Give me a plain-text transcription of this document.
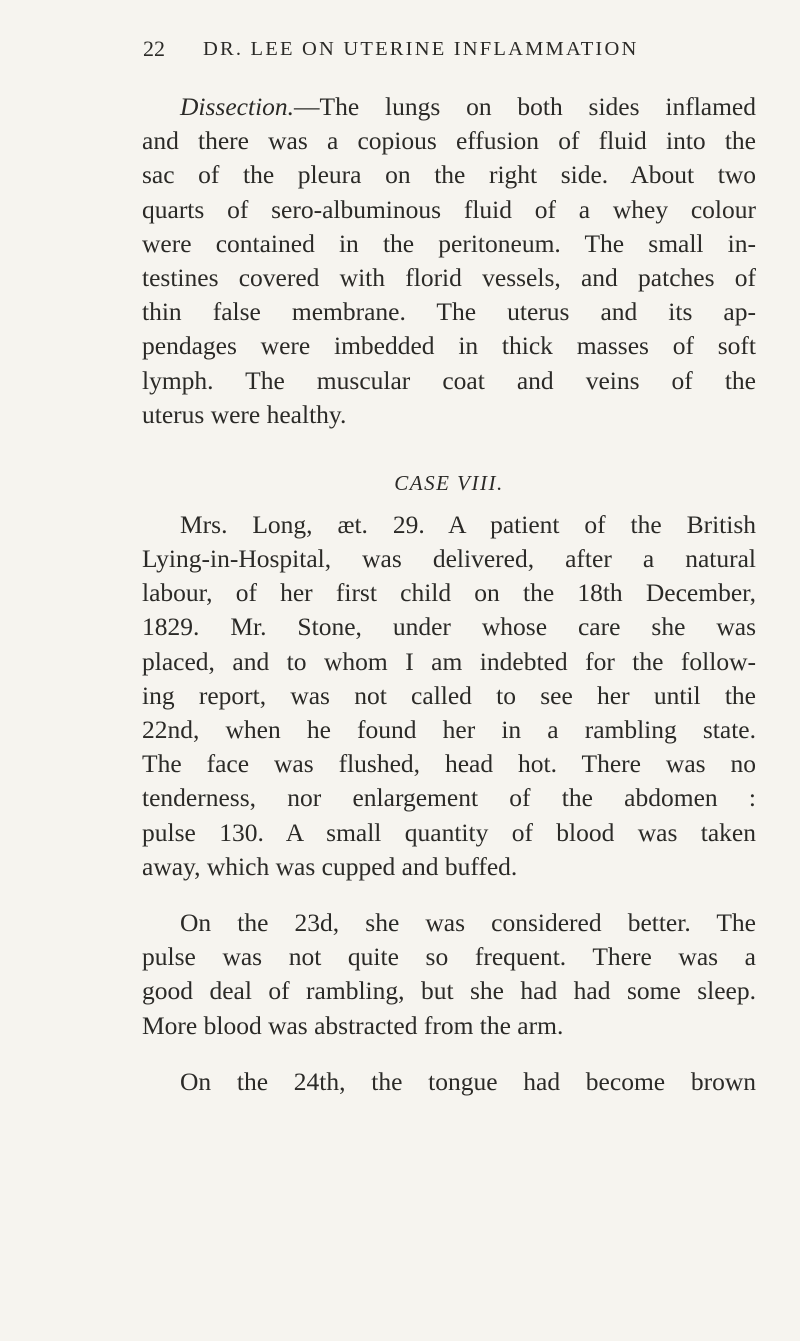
22 DR. LEE ON UTERINE INFLAMMATION
Dissection.—The lungs on both sides inflamed
and there was a copious effusion of fluid into the
sac of the pleura on the right side. About two
quarts of sero-albuminous fluid of a whey colour
were contained in the peritoneum. The small in-
testines covered with florid vessels, and patches of
thin false membrane. The uterus and its ap-
pendages were imbedded in thick masses of soft
lymph. The muscular coat and veins of the
uterus were healthy.
CASE VIII.
Mrs. Long, æt. 29. A patient of the British
Lying-in-Hospital, was delivered, after a natural
labour, of her first child on the 18th December,
1829. Mr. Stone, under whose care she was
placed, and to whom I am indebted for the follow-
ing report, was not called to see her until the
22nd, when he found her in a rambling state.
The face was flushed, head hot. There was no
tenderness, nor enlargement of the abdomen :
pulse 130. A small quantity of blood was taken
away, which was cupped and buffed.
On the 23d, she was considered better. The
pulse was not quite so frequent. There was a
good deal of rambling, but she had had some sleep.
More blood was abstracted from the arm.
On the 24th, the tongue had become brown
